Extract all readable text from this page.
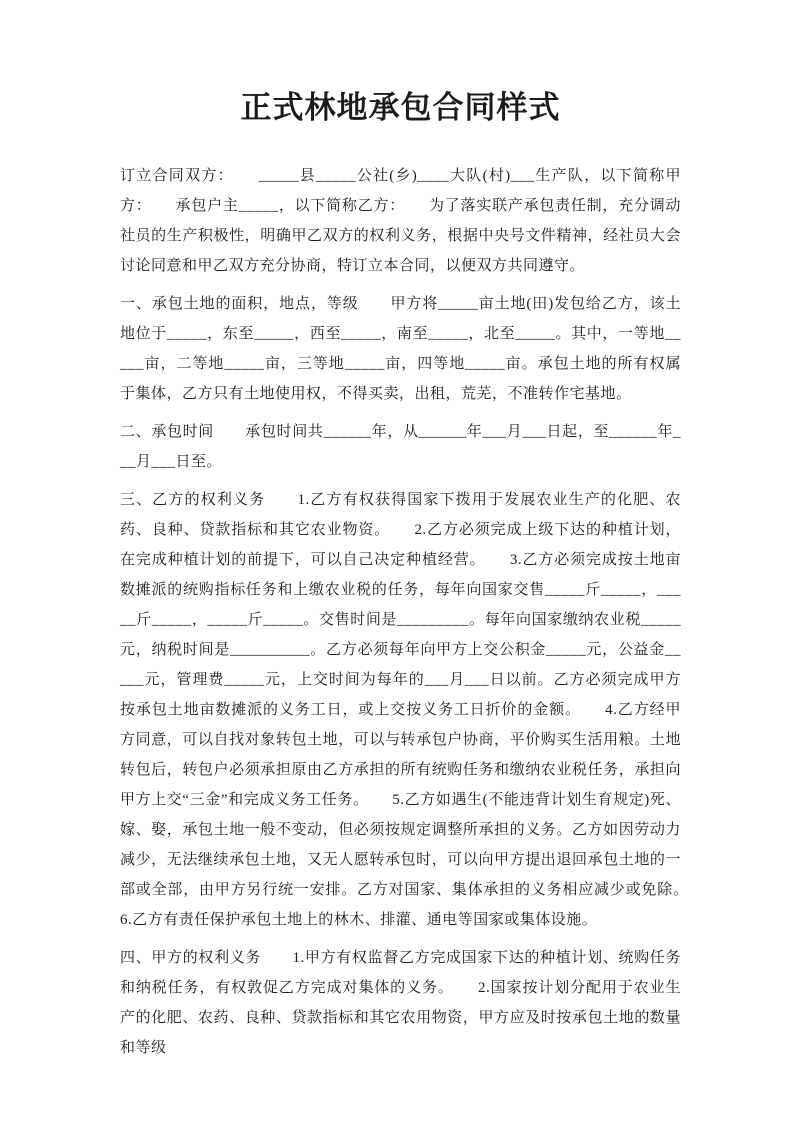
正式林地承包合同样式

订立合同双方：　　_____县_____公社(乡)____大队(村)___生产队，以下简称甲方：　　承包户主_____，以下简称乙方：　　为了落实联产承包责任制，充分调动社员的生产积极性，明确甲乙双方的权利义务，根据中央号文件精神，经社员大会讨论同意和甲乙双方充分协商，特订立本合同，以便双方共同遵守。

一、承包土地的面积，地点，等级　　甲方将_____亩土地(田)发包给乙方，该土地位于_____，东至_____，西至_____，南至_____，北至_____。其中，一等地_____亩，二等地_____亩，三等地_____亩，四等地_____亩。承包土地的所有权属于集体，乙方只有土地使用权，不得买卖，出租，荒芜，不准转作宅基地。

二、承包时间　　承包时间共______年，从______年___月___日起，至______年___月___日至。

三、乙方的权利义务　　1.乙方有权获得国家下拨用于发展农业生产的化肥、农药、良种、贷款指标和其它农业物资。　　2.乙方必须完成上级下达的种植计划，在完成种植计划的前提下，可以自己决定种植经营。　　3.乙方必须完成按土地亩数摊派的统购指标任务和上缴农业税的任务，每年向国家交售_____斤_____，_____斤_____，_____斤_____。交售时间是_________。每年向国家缴纳农业税_____元，纳税时间是__________。乙方必须每年向甲方上交公积金_____元，公益金_____元，管理费_____元，上交时间为每年的___月___日以前。乙方必须完成甲方按承包土地亩数摊派的义务工日，或上交按义务工日折价的金额。　　4.乙方经甲方同意，可以自找对象转包土地，可以与转承包户协商，平价购买生活用粮。土地转包后，转包户必须承担原由乙方承担的所有统购任务和缴纳农业税任务，承担向甲方上交“三金”和完成义务工任务。　　5.乙方如遇生(不能违背计划生育规定)死、嫁、娶，承包土地一般不变动，但必须按规定调整所承担的义务。乙方如因劳动力减少，无法继续承包土地，又无人愿转承包时，可以向甲方提出退回承包土地的一部或全部，由甲方另行统一安排。乙方对国家、集体承担的义务相应减少或免除。　　6.乙方有责任保护承包土地上的林木、排灌、通电等国家或集体设施。

四、甲方的权利义务　　1.甲方有权监督乙方完成国家下达的种植计划、统购任务和纳税任务，有权敦促乙方完成对集体的义务。　　2.国家按计划分配用于农业生产的化肥、农药、良种、贷款指标和其它农用物资，甲方应及时按承包土地的数量和等级
